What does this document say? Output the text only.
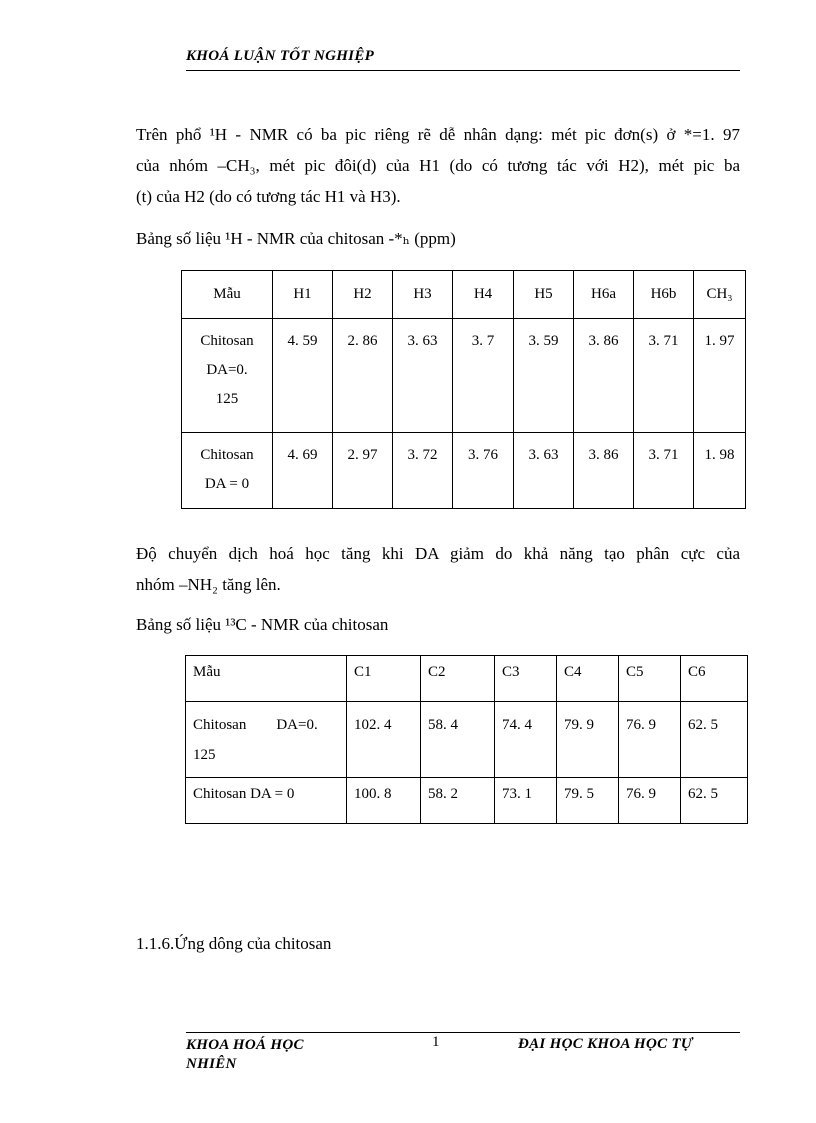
KHOÁ LUẬN TỐT NGHIỆP
Trên phổ ¹H - NMR có ba pic riêng rẽ dễ nhân dạng: mét pic đơn(s) ở *=1. 97
của nhóm –CH₃, mét pic đôi(d) của H1 (do có tương tác với H2), mét pic ba
(t) của H2 (do có tương tác H1 và H3).
Bảng số liệu ¹H - NMR của chitosan -*ₕ (ppm)
Mẫu	H1	H2	H3	H4	H5	H6a	H6b	CH₃

Chitosan
DA=0.
125	4. 59	2. 86	3. 63	3. 7	3. 59	3. 86	3. 71	1. 97

Chitosan
DA = 0	4. 69	2. 97	3. 72	3. 76	3. 63	3. 86	3. 71	1. 98
Độ chuyển dịch hoá học tăng khi DA giảm do khả năng tạo phân cực của
nhóm –NH₂ tăng lên.
Bảng số liệu ¹³C - NMR của chitosan
Mẫu	C1	C2	C3	C4	C5	C6

Chitosan        DA=0.
125	102. 4	58. 4	74. 4	79. 9	76. 9	62. 5

Chitosan DA = 0	100. 8	58. 2	73. 1	79. 5	76. 9	62. 5
1.1.6.Ứng dông của chitosan
KHOA HOÁ HỌC NHIÊN
1	ĐẠI HỌC KHOA HỌC TỰ
